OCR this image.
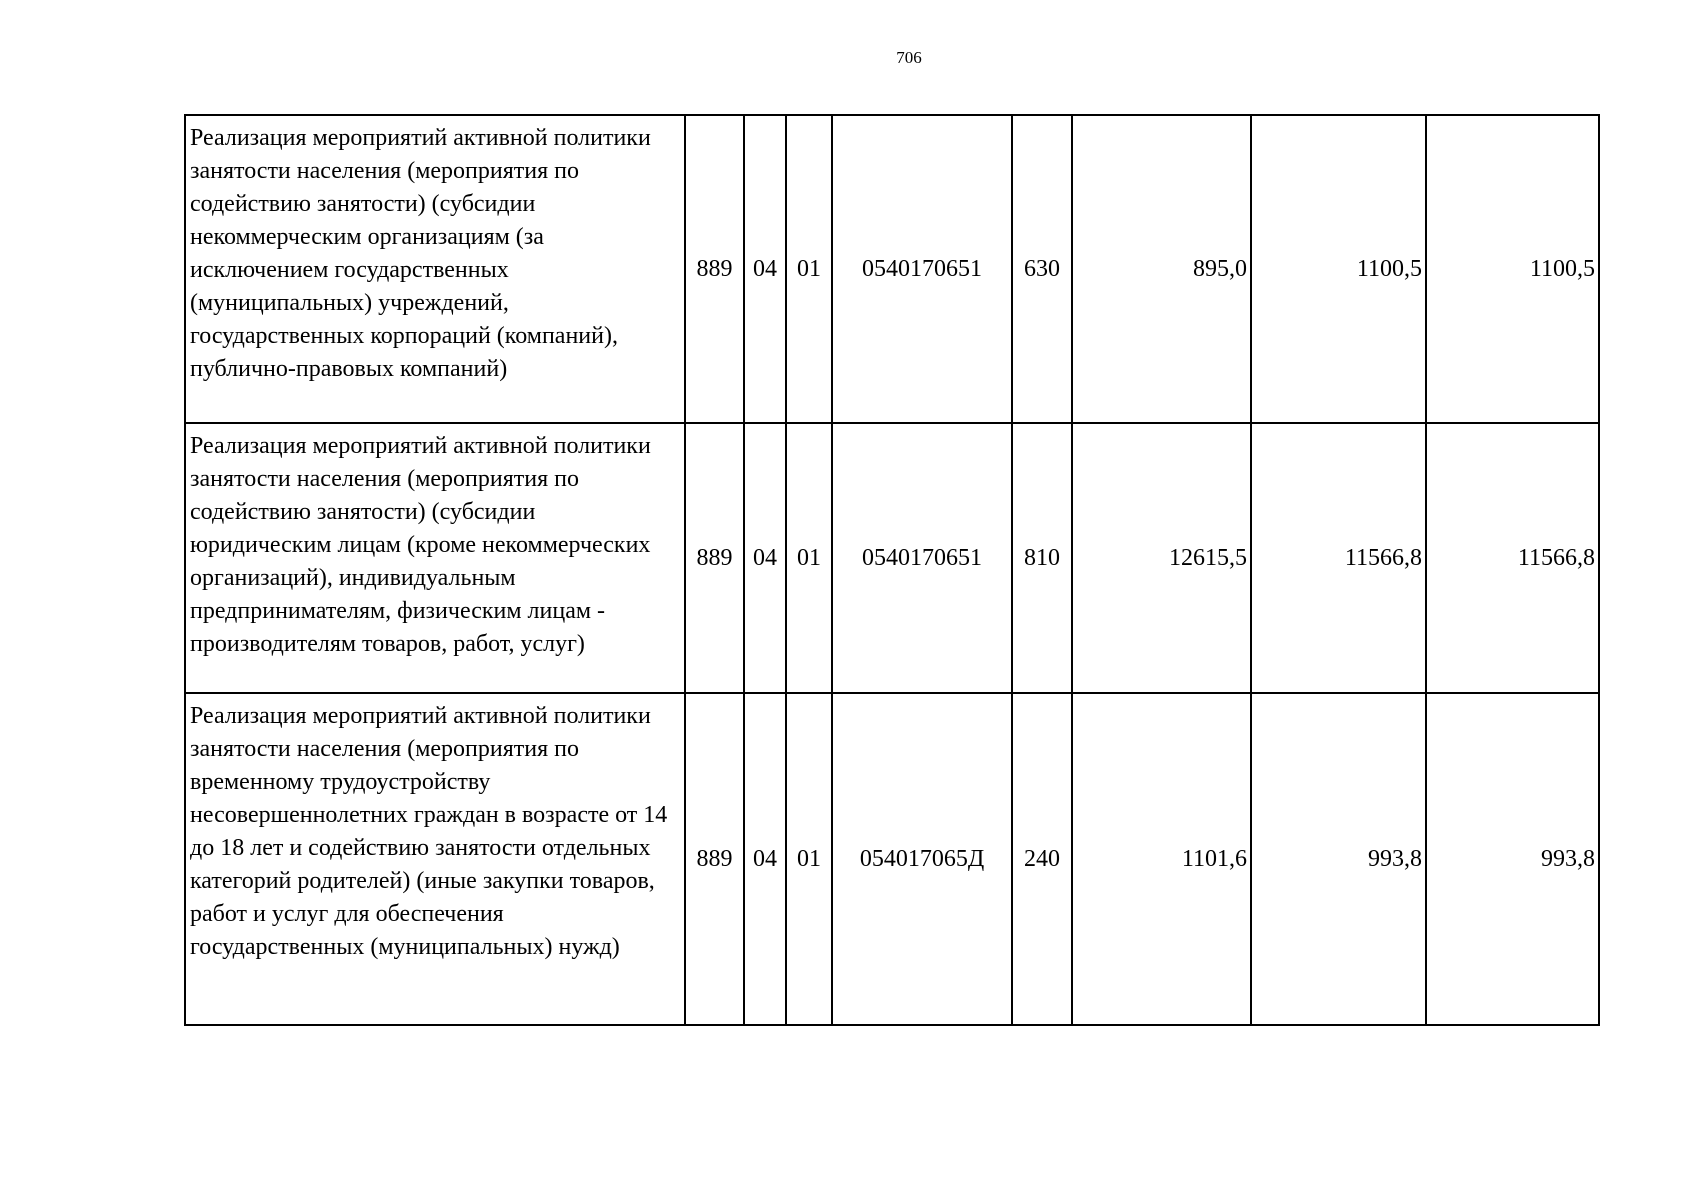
706
Реализация мероприятий активной политики занятости населения (мероприятия по содействию занятости) (субсидии некоммерческим организациям (за исключением государственных (муниципальных) учреждений, государственных корпораций (компаний), публично-правовых компаний)	889	04	01	0540170651	630	895,0	1100,5	1100,5
Реализация мероприятий активной политики занятости населения (мероприятия по содействию занятости) (субсидии юридическим лицам (кроме некоммерческих организаций), индивидуальным предпринимателям, физическим лицам - производителям товаров, работ, услуг)	889	04	01	0540170651	810	12615,5	11566,8	11566,8
Реализация мероприятий активной политики занятости населения (мероприятия по временному трудоустройству несовершеннолетних граждан в возрасте от 14 до 18 лет и содействию занятости отдельных категорий родителей) (иные закупки товаров, работ и услуг для обеспечения государственных (муниципальных) нужд)	889	04	01	054017065Д	240	1101,6	993,8	993,8
